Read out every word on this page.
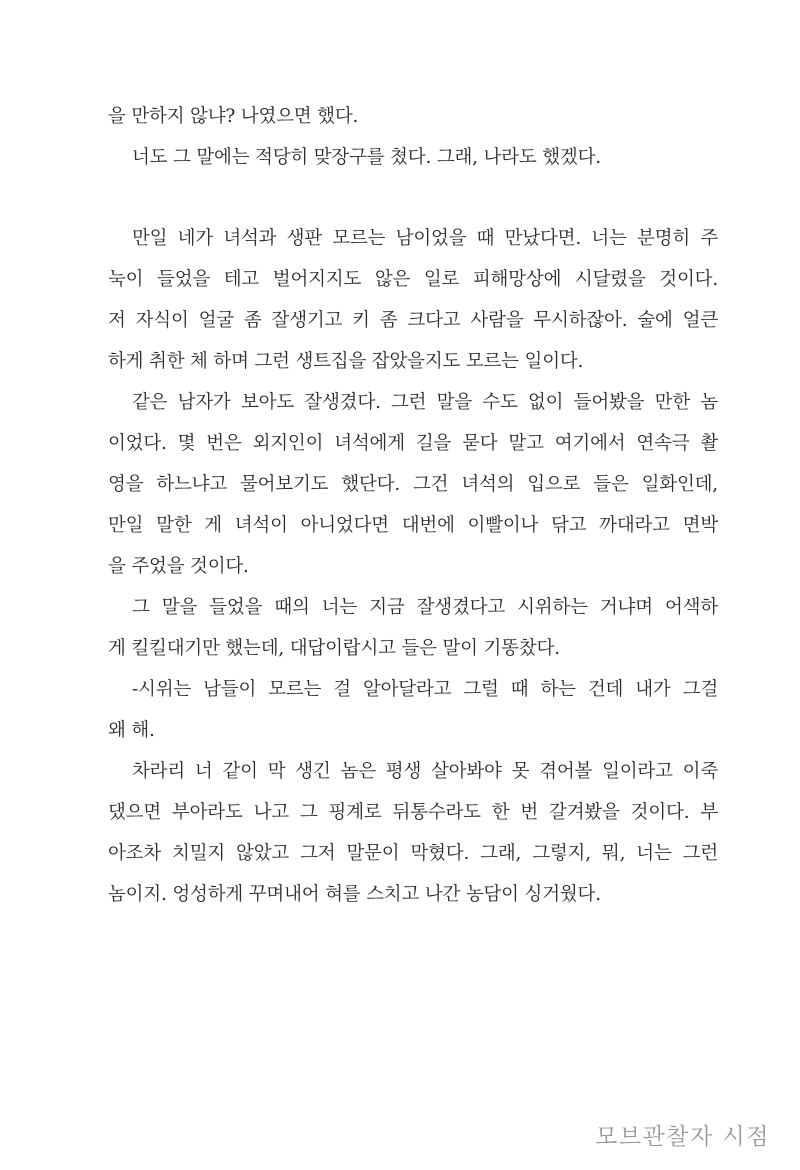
을 만하지 않냐? 나였으면 했다.
너도 그 말에는 적당히 맞장구를 쳤다. 그래, 나라도 했겠다.
만일 네가 녀석과 생판 모르는 남이었을 때 만났다면. 너는 분명히 주
눅이 들었을 테고 벌어지지도 않은 일로 피해망상에 시달렸을 것이다.
저 자식이 얼굴 좀 잘생기고 키 좀 크다고 사람을 무시하잖아. 술에 얼큰
하게 취한 체 하며 그런 생트집을 잡았을지도 모르는 일이다.
같은 남자가 보아도 잘생겼다. 그런 말을 수도 없이 들어봤을 만한 놈
이었다. 몇 번은 외지인이 녀석에게 길을 묻다 말고 여기에서 연속극 촬
영을 하느냐고 물어보기도 했단다. 그건 녀석의 입으로 들은 일화인데,
만일 말한 게 녀석이 아니었다면 대번에 이빨이나 닦고 까대라고 면박
을 주었을 것이다.
그 말을 들었을 때의 너는 지금 잘생겼다고 시위하는 거냐며 어색하
게 킬킬대기만 했는데, 대답이랍시고 들은 말이 기똥찼다.
-시위는 남들이 모르는 걸 알아달라고 그럴 때 하는 건데 내가 그걸
왜 해.
차라리 너 같이 막 생긴 놈은 평생 살아봐야 못 겪어볼 일이라고 이죽
댔으면 부아라도 나고 그 핑계로 뒤통수라도 한 번 갈겨봤을 것이다. 부
아조차 치밀지 않았고 그저 말문이 막혔다. 그래, 그렇지, 뭐, 너는 그런
놈이지. 엉성하게 꾸며내어 혀를 스치고 나간 농담이 싱거웠다.
모브관찰자 시점
